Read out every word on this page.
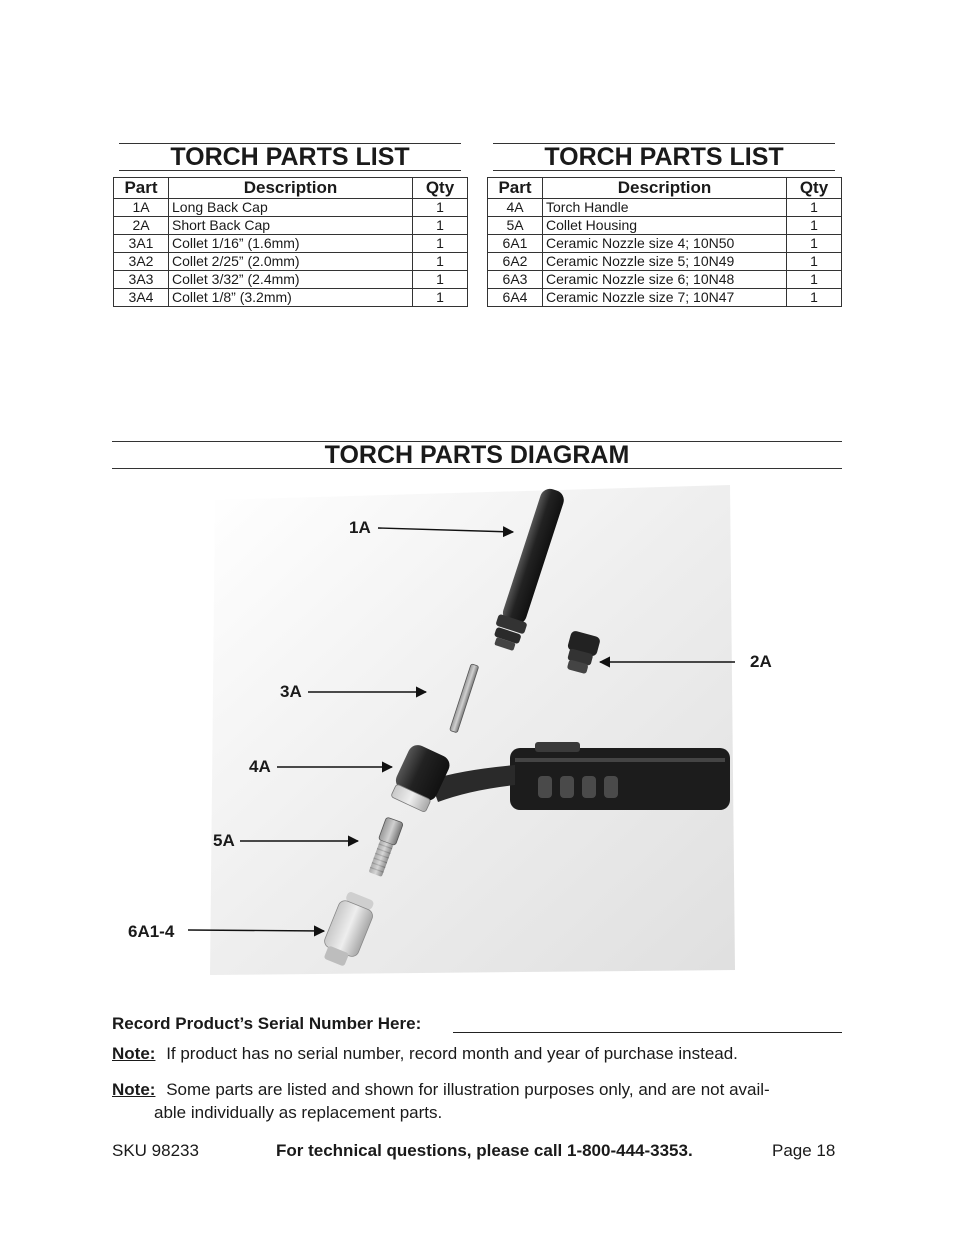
TORCH PARTS LIST
Part	Description	Qty
1A	Long Back Cap	1
2A	Short Back Cap	1
3A1	Collet 1/16” (1.6mm)	1
3A2	Collet 2/25” (2.0mm)	1
3A3	Collet 3/32” (2.4mm)	1
3A4	Collet 1/8” (3.2mm)	1
TORCH PARTS LIST
Part	Description	Qty
4A	Torch Handle	1
5A	Collet Housing	1
6A1	Ceramic Nozzle size 4; 10N50	1
6A2	Ceramic Nozzle size 5; 10N49	1
6A3	Ceramic Nozzle size 6; 10N48	1
6A4	Ceramic Nozzle size 7; 10N47	1
TORCH PARTS DIAGRAM
1A
2A
3A
4A
5A
6A1-4
Record Product’s Serial Number Here:
Note: If product has no serial number, record month and year of purchase instead.
Note: Some parts are listed and shown for illustration purposes only, and are not avail-
able individually as replacement parts.
SKU 98233	For technical questions, please call 1-800-444-3353.	Page 18
